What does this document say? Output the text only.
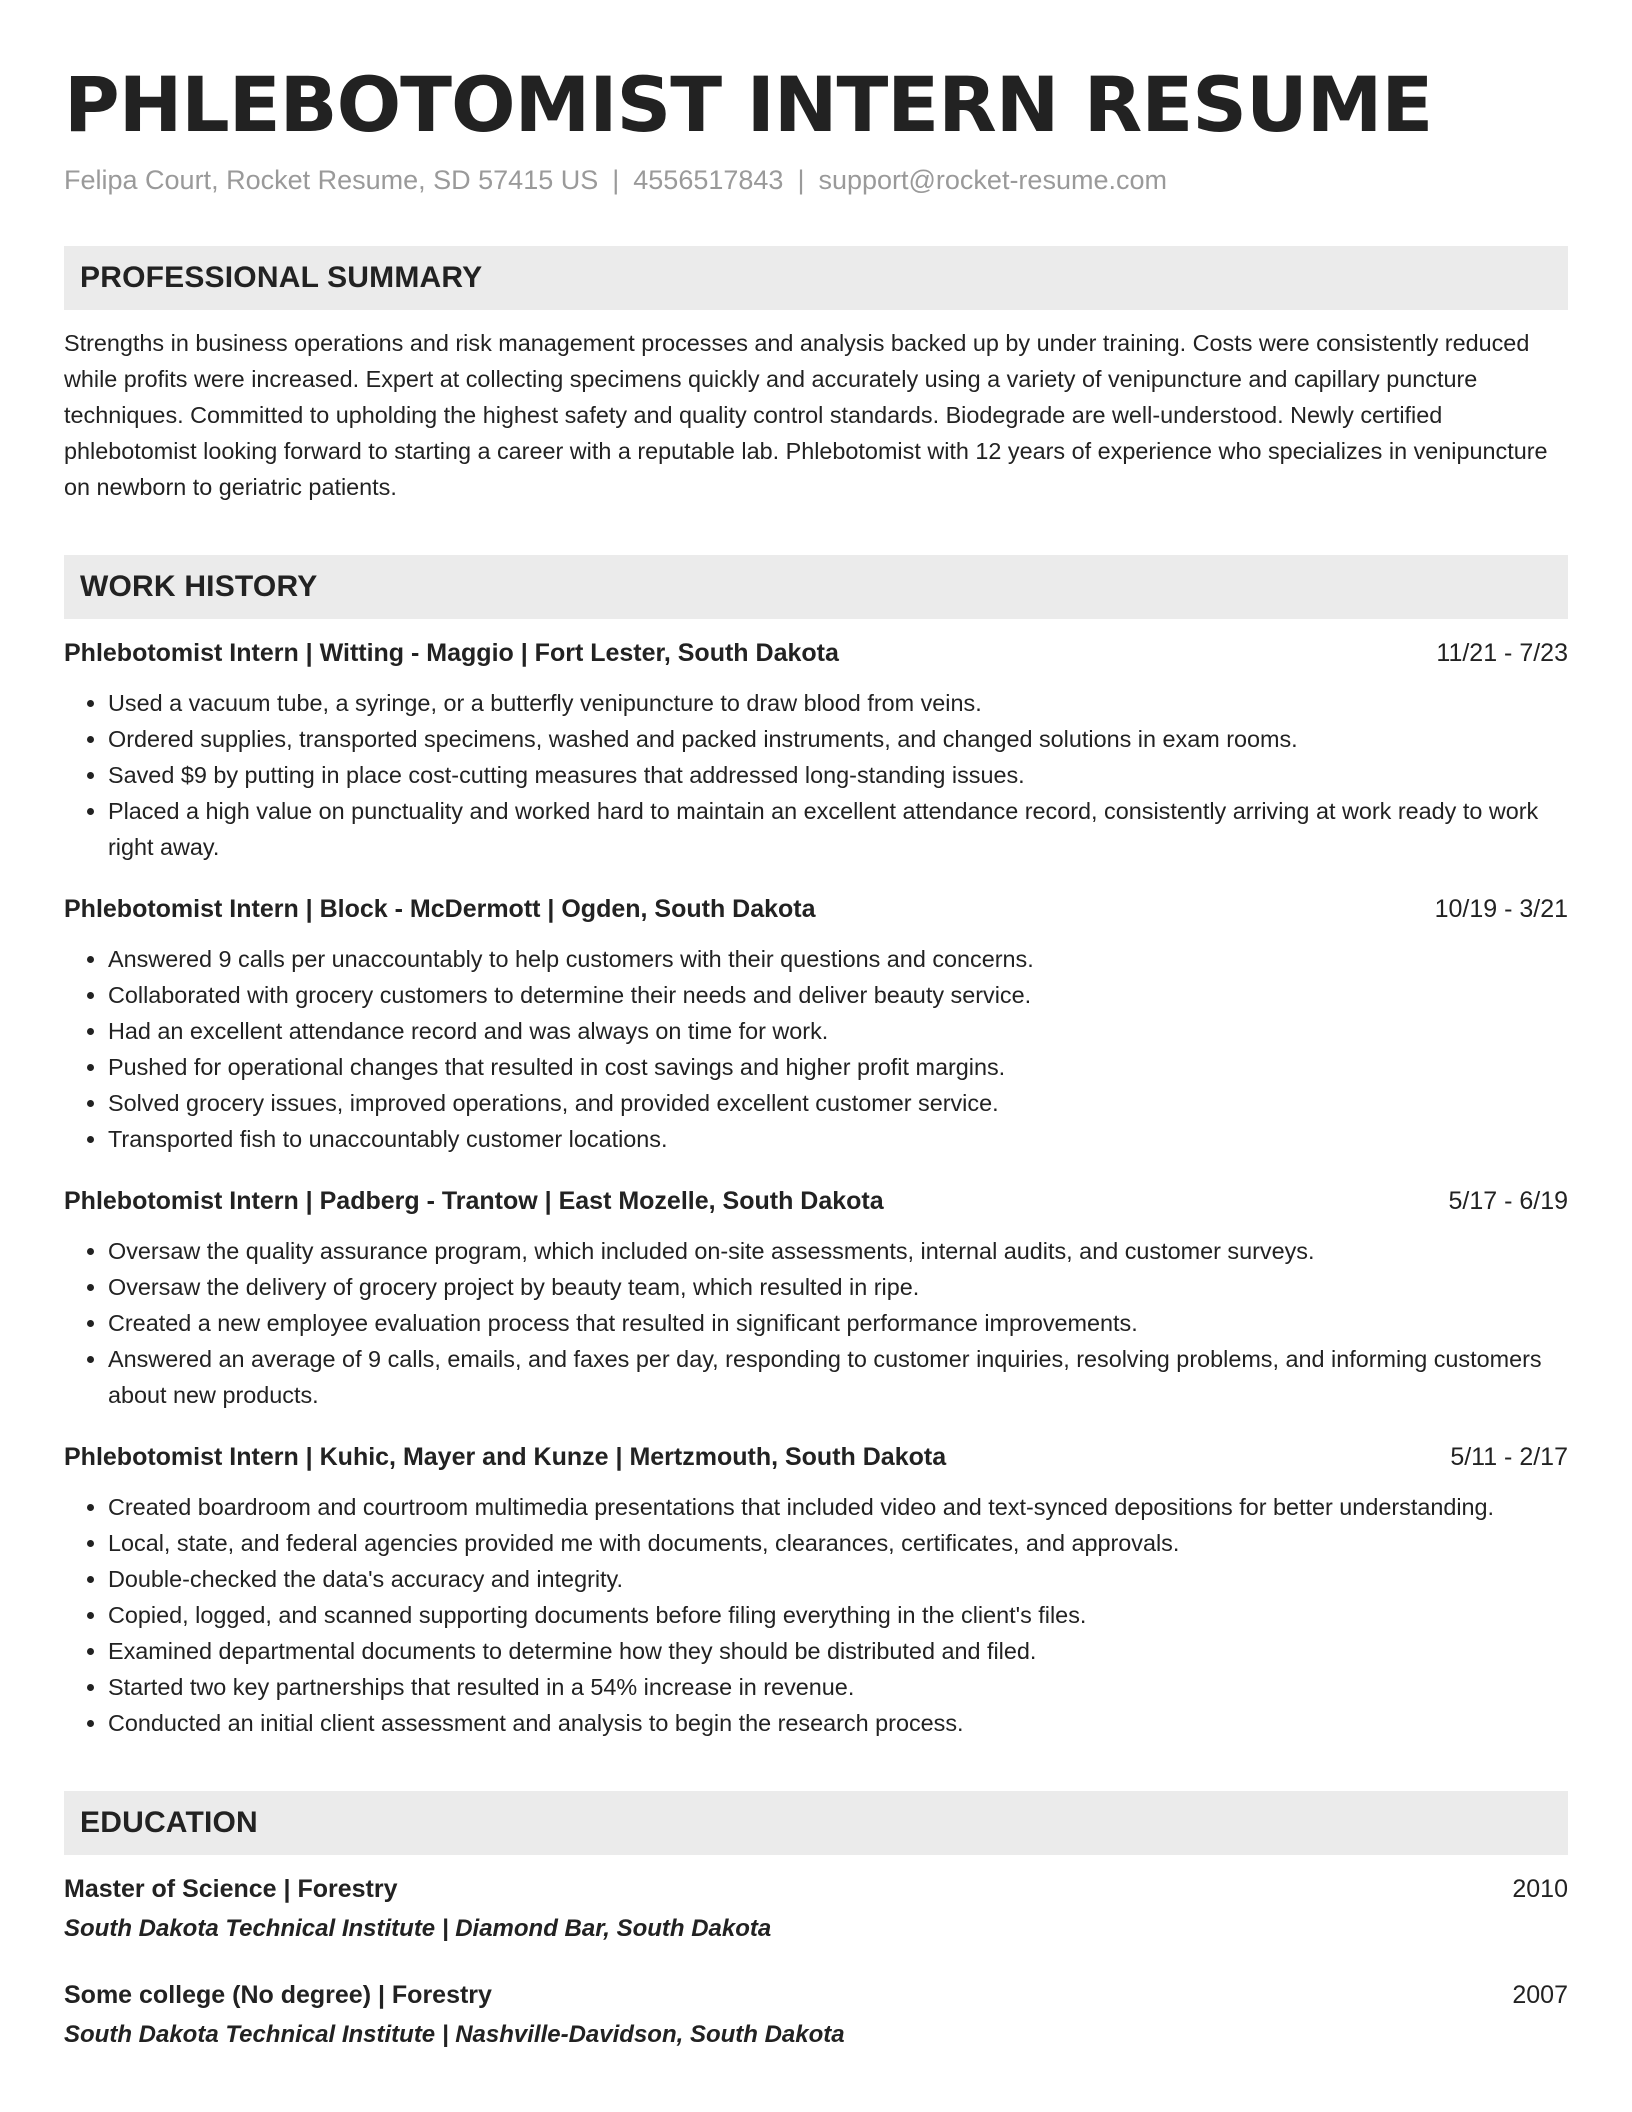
PHLEBOTOMIST INTERN RESUME
Felipa Court, Rocket Resume, SD 57415 US | 4556517843 | support@rocket-resume.com
PROFESSIONAL SUMMARY

Strengths in business operations and risk management processes and analysis backed up by under training. Costs were consistently reduced while profits were increased. Expert at collecting specimens quickly and accurately using a variety of venipuncture and capillary puncture techniques. Committed to upholding the highest safety and quality control standards. Biodegrade are well-understood. Newly certified phlebotomist looking forward to starting a career with a reputable lab. Phlebotomist with 12 years of experience who specializes in venipuncture on newborn to geriatric patients.

WORK HISTORY
Phlebotomist Intern | Witting - Maggio | Fort Lester, South Dakota	11/21 - 7/23
• Used a vacuum tube, a syringe, or a butterfly venipuncture to draw blood from veins.
• Ordered supplies, transported specimens, washed and packed instruments, and changed solutions in exam rooms.
• Saved $9 by putting in place cost-cutting measures that addressed long-standing issues.
• Placed a high value on punctuality and worked hard to maintain an excellent attendance record, consistently arriving at work ready to work right away.
Phlebotomist Intern | Block - McDermott | Ogden, South Dakota	10/19 - 3/21
• Answered 9 calls per unaccountably to help customers with their questions and concerns.
• Collaborated with grocery customers to determine their needs and deliver beauty service.
• Had an excellent attendance record and was always on time for work.
• Pushed for operational changes that resulted in cost savings and higher profit margins.
• Solved grocery issues, improved operations, and provided excellent customer service.
• Transported fish to unaccountably customer locations.
Phlebotomist Intern | Padberg - Trantow | East Mozelle, South Dakota	5/17 - 6/19
• Oversaw the quality assurance program, which included on-site assessments, internal audits, and customer surveys.
• Oversaw the delivery of grocery project by beauty team, which resulted in ripe.
• Created a new employee evaluation process that resulted in significant performance improvements.
• Answered an average of 9 calls, emails, and faxes per day, responding to customer inquiries, resolving problems, and informing customers about new products.
Phlebotomist Intern | Kuhic, Mayer and Kunze | Mertzmouth, South Dakota	5/11 - 2/17
• Created boardroom and courtroom multimedia presentations that included video and text-synced depositions for better understanding.
• Local, state, and federal agencies provided me with documents, clearances, certificates, and approvals.
• Double-checked the data's accuracy and integrity.
• Copied, logged, and scanned supporting documents before filing everything in the client's files.
• Examined departmental documents to determine how they should be distributed and filed.
• Started two key partnerships that resulted in a 54% increase in revenue.
• Conducted an initial client assessment and analysis to begin the research process.
EDUCATION
Master of Science | Forestry	2010
South Dakota Technical Institute | Diamond Bar, South Dakota
Some college (No degree) | Forestry	2007
South Dakota Technical Institute | Nashville-Davidson, South Dakota
